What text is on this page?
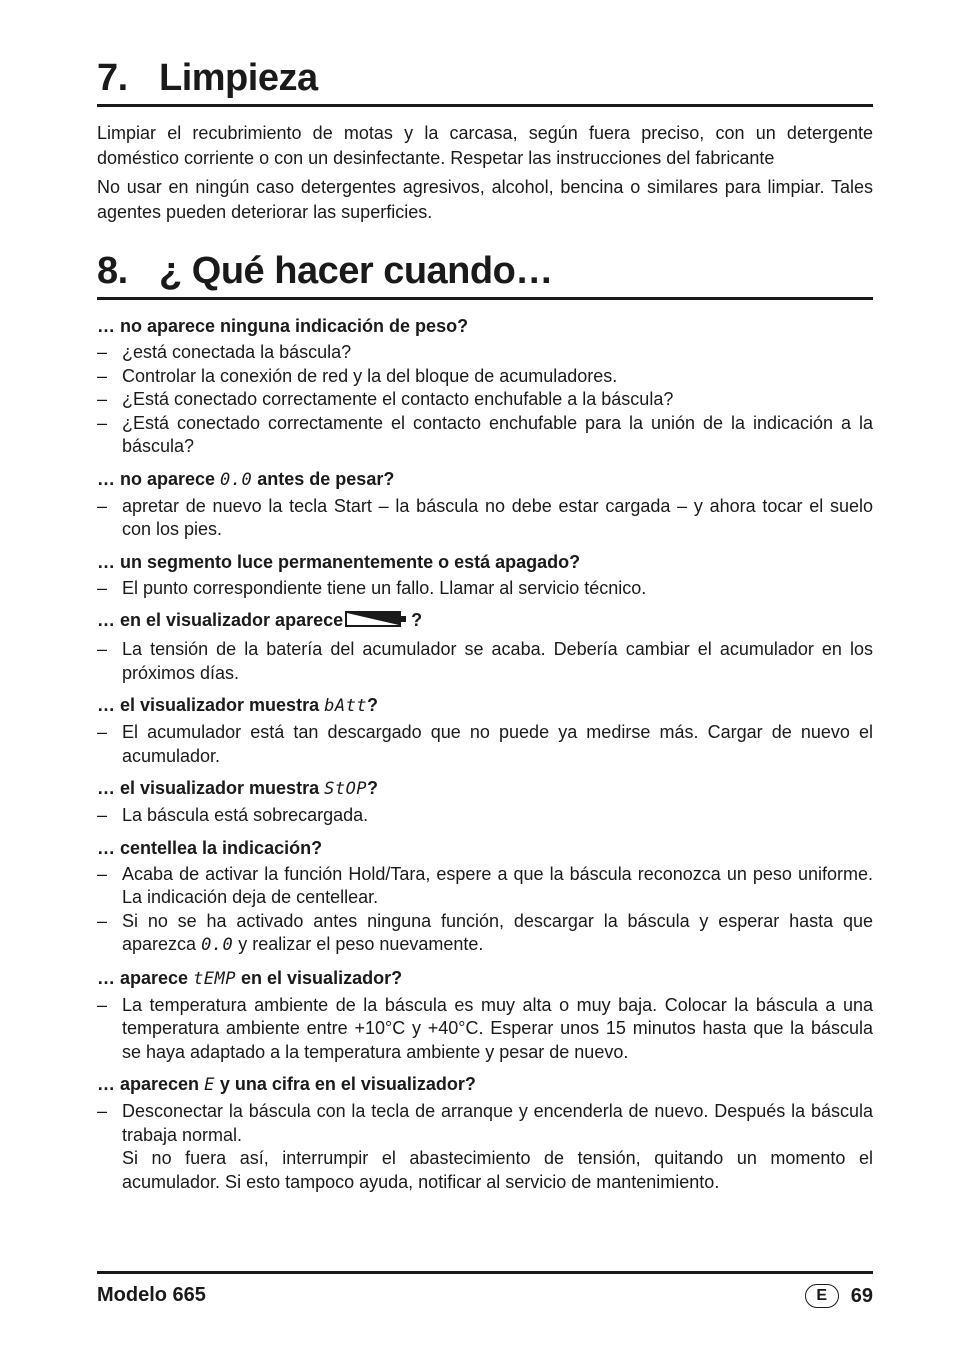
7. Limpieza

Limpiar el recubrimiento de motas y la carcasa, según fuera preciso, con un detergente doméstico corriente o con un desinfectante. Respetar las instrucciones del fabricante

No usar en ningún caso detergentes agresivos, alcohol, bencina o similares para limpiar. Tales agentes pueden deteriorar las superficies.

8. ¿ Qué hacer cuando…

… no aparece ninguna indicación de peso?

– ¿está conectada la báscula?
– Controlar la conexión de red y la del bloque de acumuladores.
– ¿Está conectado correctamente el contacto enchufable a la báscula?
– ¿Está conectado correctamente el contacto enchufable para la unión de la indicación a la báscula?

… no aparece 0.0 antes de pesar?

– apretar de nuevo la tecla Start – la báscula no debe estar cargada – y ahora tocar el suelo con los pies.

… un segmento luce permanentemente o está apagado?

– El punto correspondiente tiene un fallo. Llamar al servicio técnico.

… en el visualizador aparece	?

– La tensión de la batería del acumulador se acaba. Debería cambiar el acumulador en los próximos días.

… el visualizador muestra bAtt?

– El acumulador está tan descargado que no puede ya medirse más. Cargar de nuevo el acumulador.

… el visualizador muestra StOP?

– La báscula está sobrecargada.

… centellea la indicación?

– Acaba de activar la función Hold/Tara, espere a que la báscula reconozca un peso uniforme. La indicación deja de centellear.
– Si no se ha activado antes ninguna función, descargar la báscula y esperar hasta que aparezca 0.0 y realizar el peso nuevamente.

… aparece tEMP en el visualizador?

– La temperatura ambiente de la báscula es muy alta o muy baja. Colocar la báscula a una temperatura ambiente entre +10°C y +40°C. Esperar unos 15 minutos hasta que la báscula se haya adaptado a la temperatura ambiente y pesar de nuevo.

… aparecen E y una cifra en el visualizador?

– Desconectar la báscula con la tecla de arranque y encenderla de nuevo. Después la báscula trabaja normal.
Si no fuera así, interrumpir el abastecimiento de tensión, quitando un momento el acumulador. Si esto tampoco ayuda, notificar al servicio de mantenimiento.
Modelo 665	E	69
